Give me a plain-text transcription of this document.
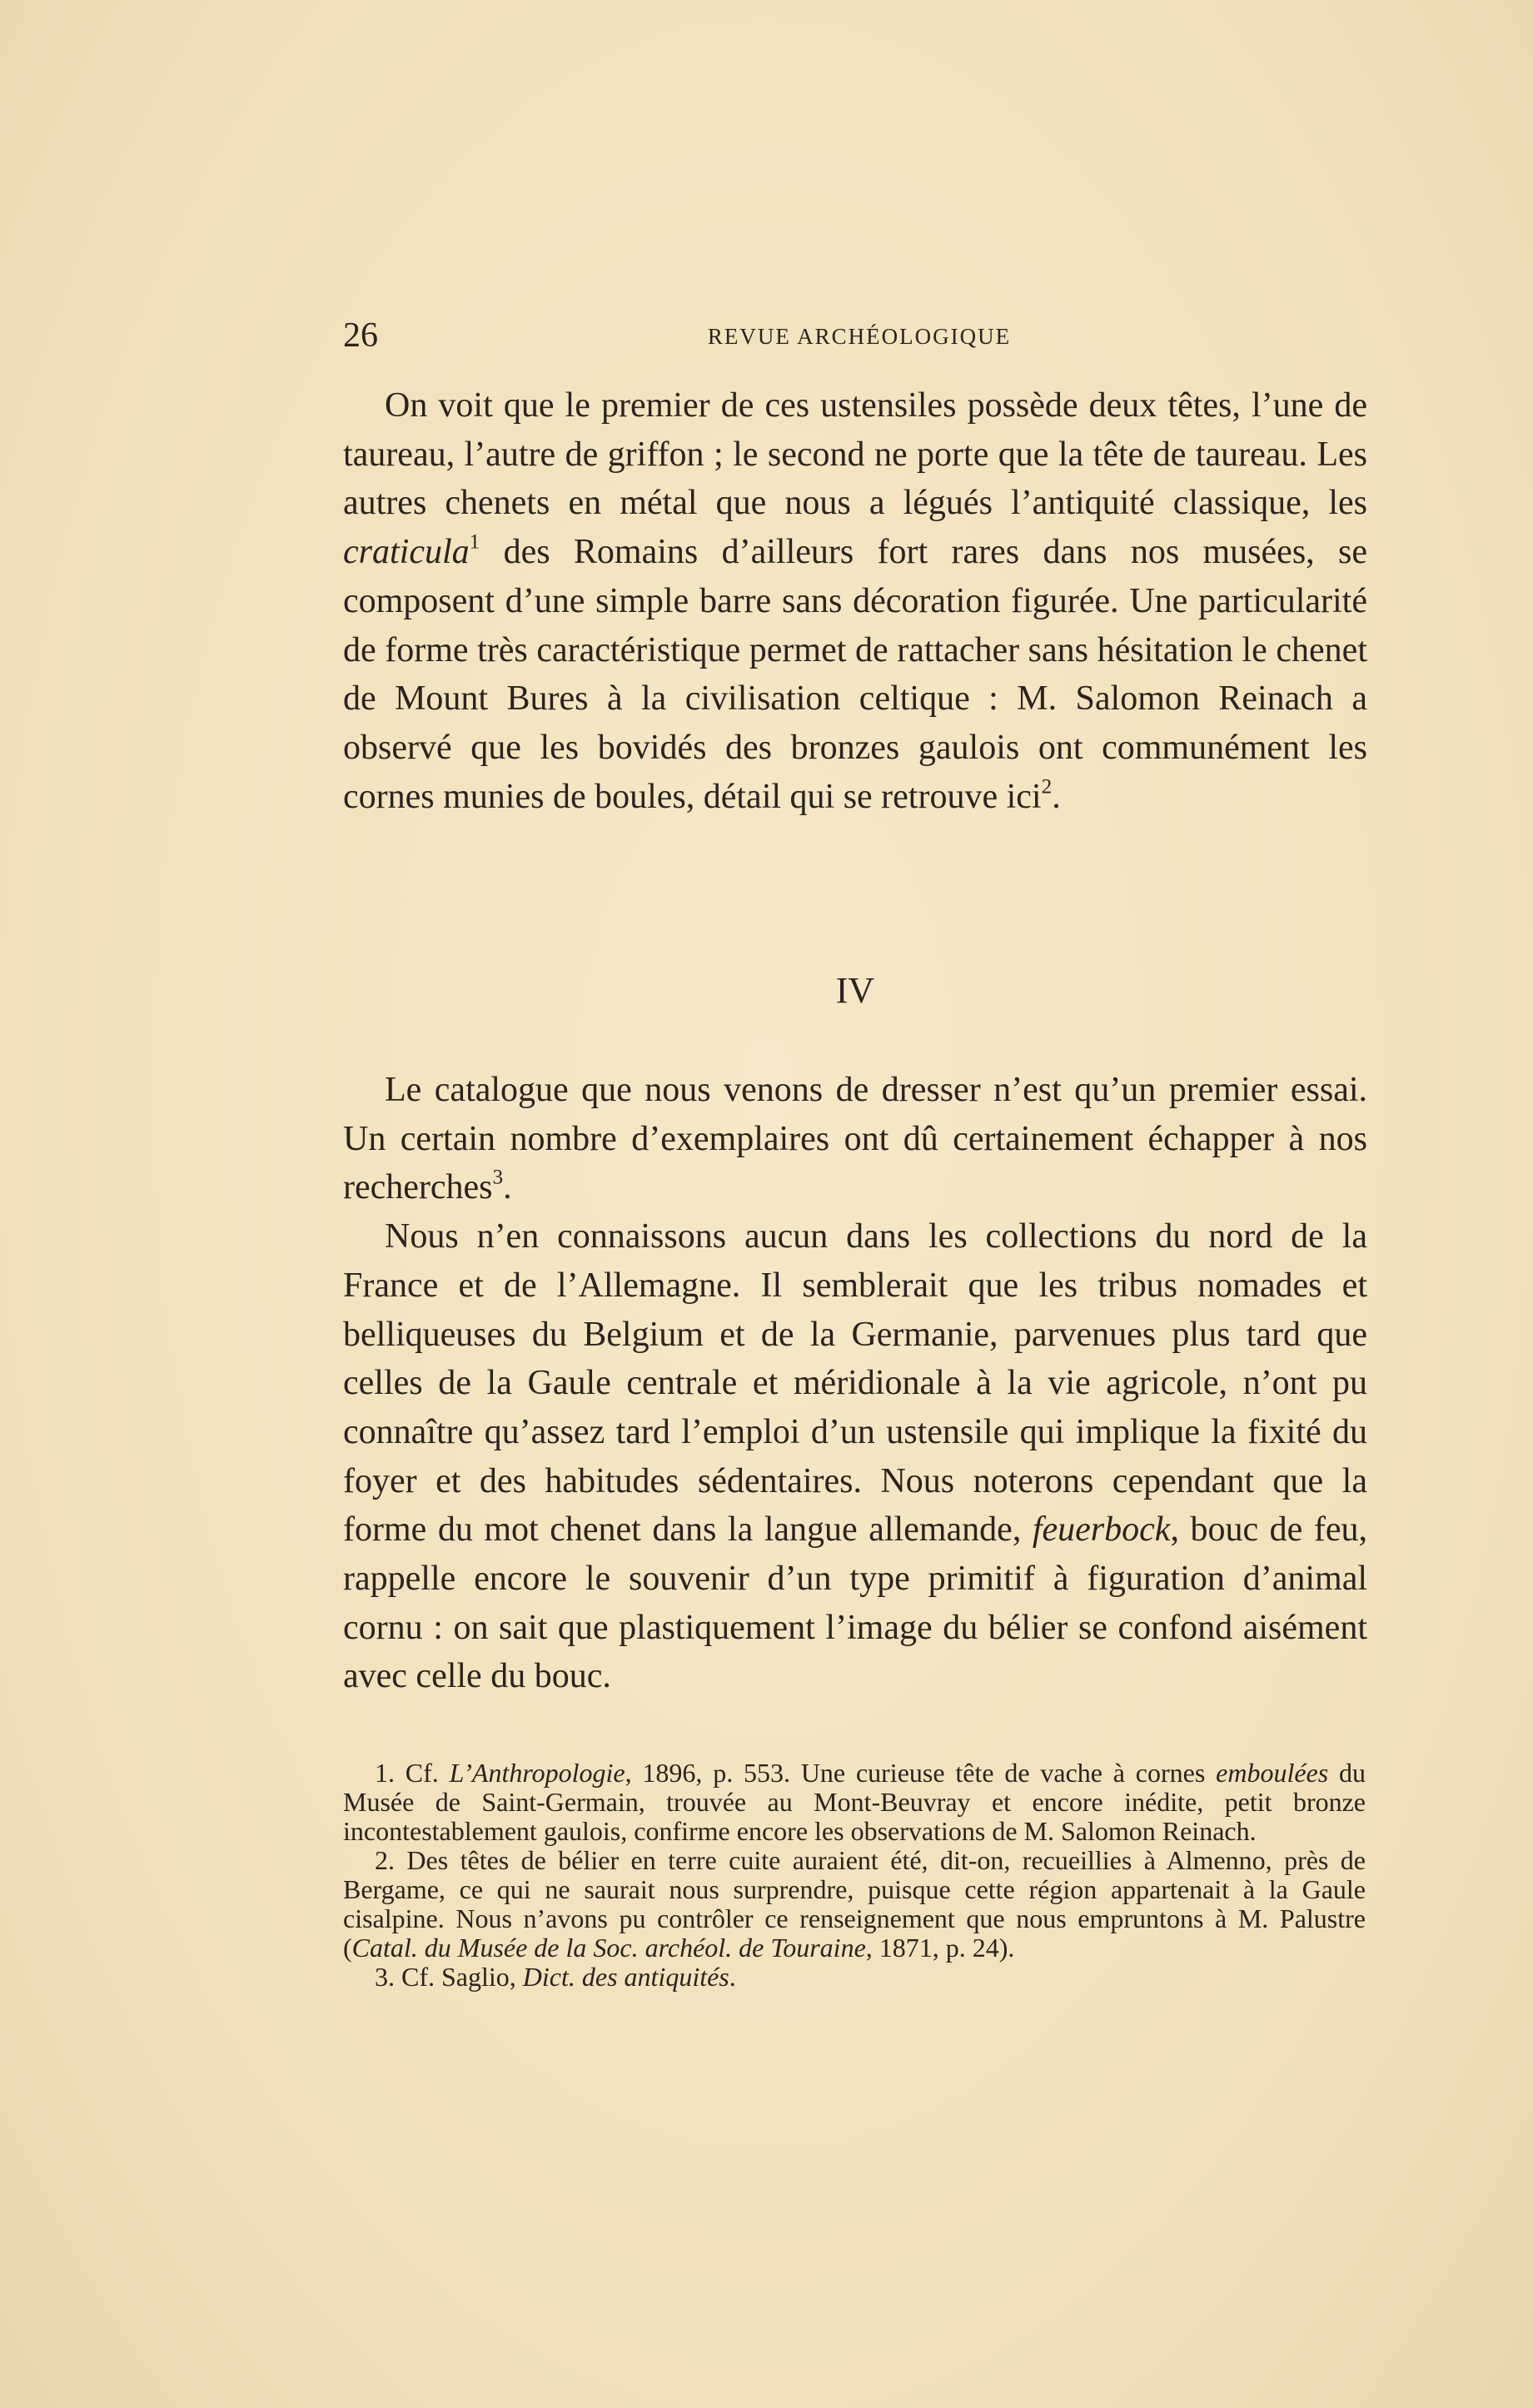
26	REVUE ARCHÉOLOGIQUE

On voit que le premier de ces ustensiles possède deux têtes, l’une de taureau, l’autre de griffon ; le second ne porte que la tête de taureau. Les autres chenets en métal que nous a légués l’antiquité classique, les craticula$^1$ des Romains d’ailleurs fort rares dans nos musées, se composent d’une simple barre sans décoration figurée. Une particularité de forme très caractéristique permet de rattacher sans hésitation le chenet de Mount Bures à la civilisation celtique : M. Salomon Reinach a observé que les bovidés des bronzes gaulois ont communément les cornes munies de boules, détail qui se retrouve ici$^2$.

IV

Le catalogue que nous venons de dresser n’est qu’un premier essai. Un certain nombre d’exemplaires ont dû certainement échapper à nos recherches$^3$.

Nous n’en connaissons aucun dans les collections du nord de la France et de l’Allemagne. Il semblerait que les tribus nomades et belliqueuses du Belgium et de la Germanie, parvenues plus tard que celles de la Gaule centrale et méridionale à la vie agricole, n’ont pu connaître qu’assez tard l’emploi d’un ustensile qui implique la fixité du foyer et des habitudes sédentaires. Nous noterons cependant que la forme du mot chenet dans la langue allemande, feuerbock, bouc de feu, rappelle encore le souvenir d’un type primitif à figuration d’animal cornu : on sait que plastiquement l’image du bélier se confond aisément avec celle du bouc.

1. Cf. L’Anthropologie, 1896, p. 553. Une curieuse tête de vache à cornes emboulées du Musée de Saint-Germain, trouvée au Mont-Beuvray et encore inédite, petit bronze incontestablement gaulois, confirme encore les observations de M. Salomon Reinach.

2. Des têtes de bélier en terre cuite auraient été, dit-on, recueillies à Almenno, près de Bergame, ce qui ne saurait nous surprendre, puisque cette région appartenait à la Gaule cisalpine. Nous n’avons pu contrôler ce renseignement que nous empruntons à M. Palustre (Catal. du Musée de la Soc. archéol. de Touraine, 1871, p. 24).

3. Cf. Saglio, Dict. des antiquités.
